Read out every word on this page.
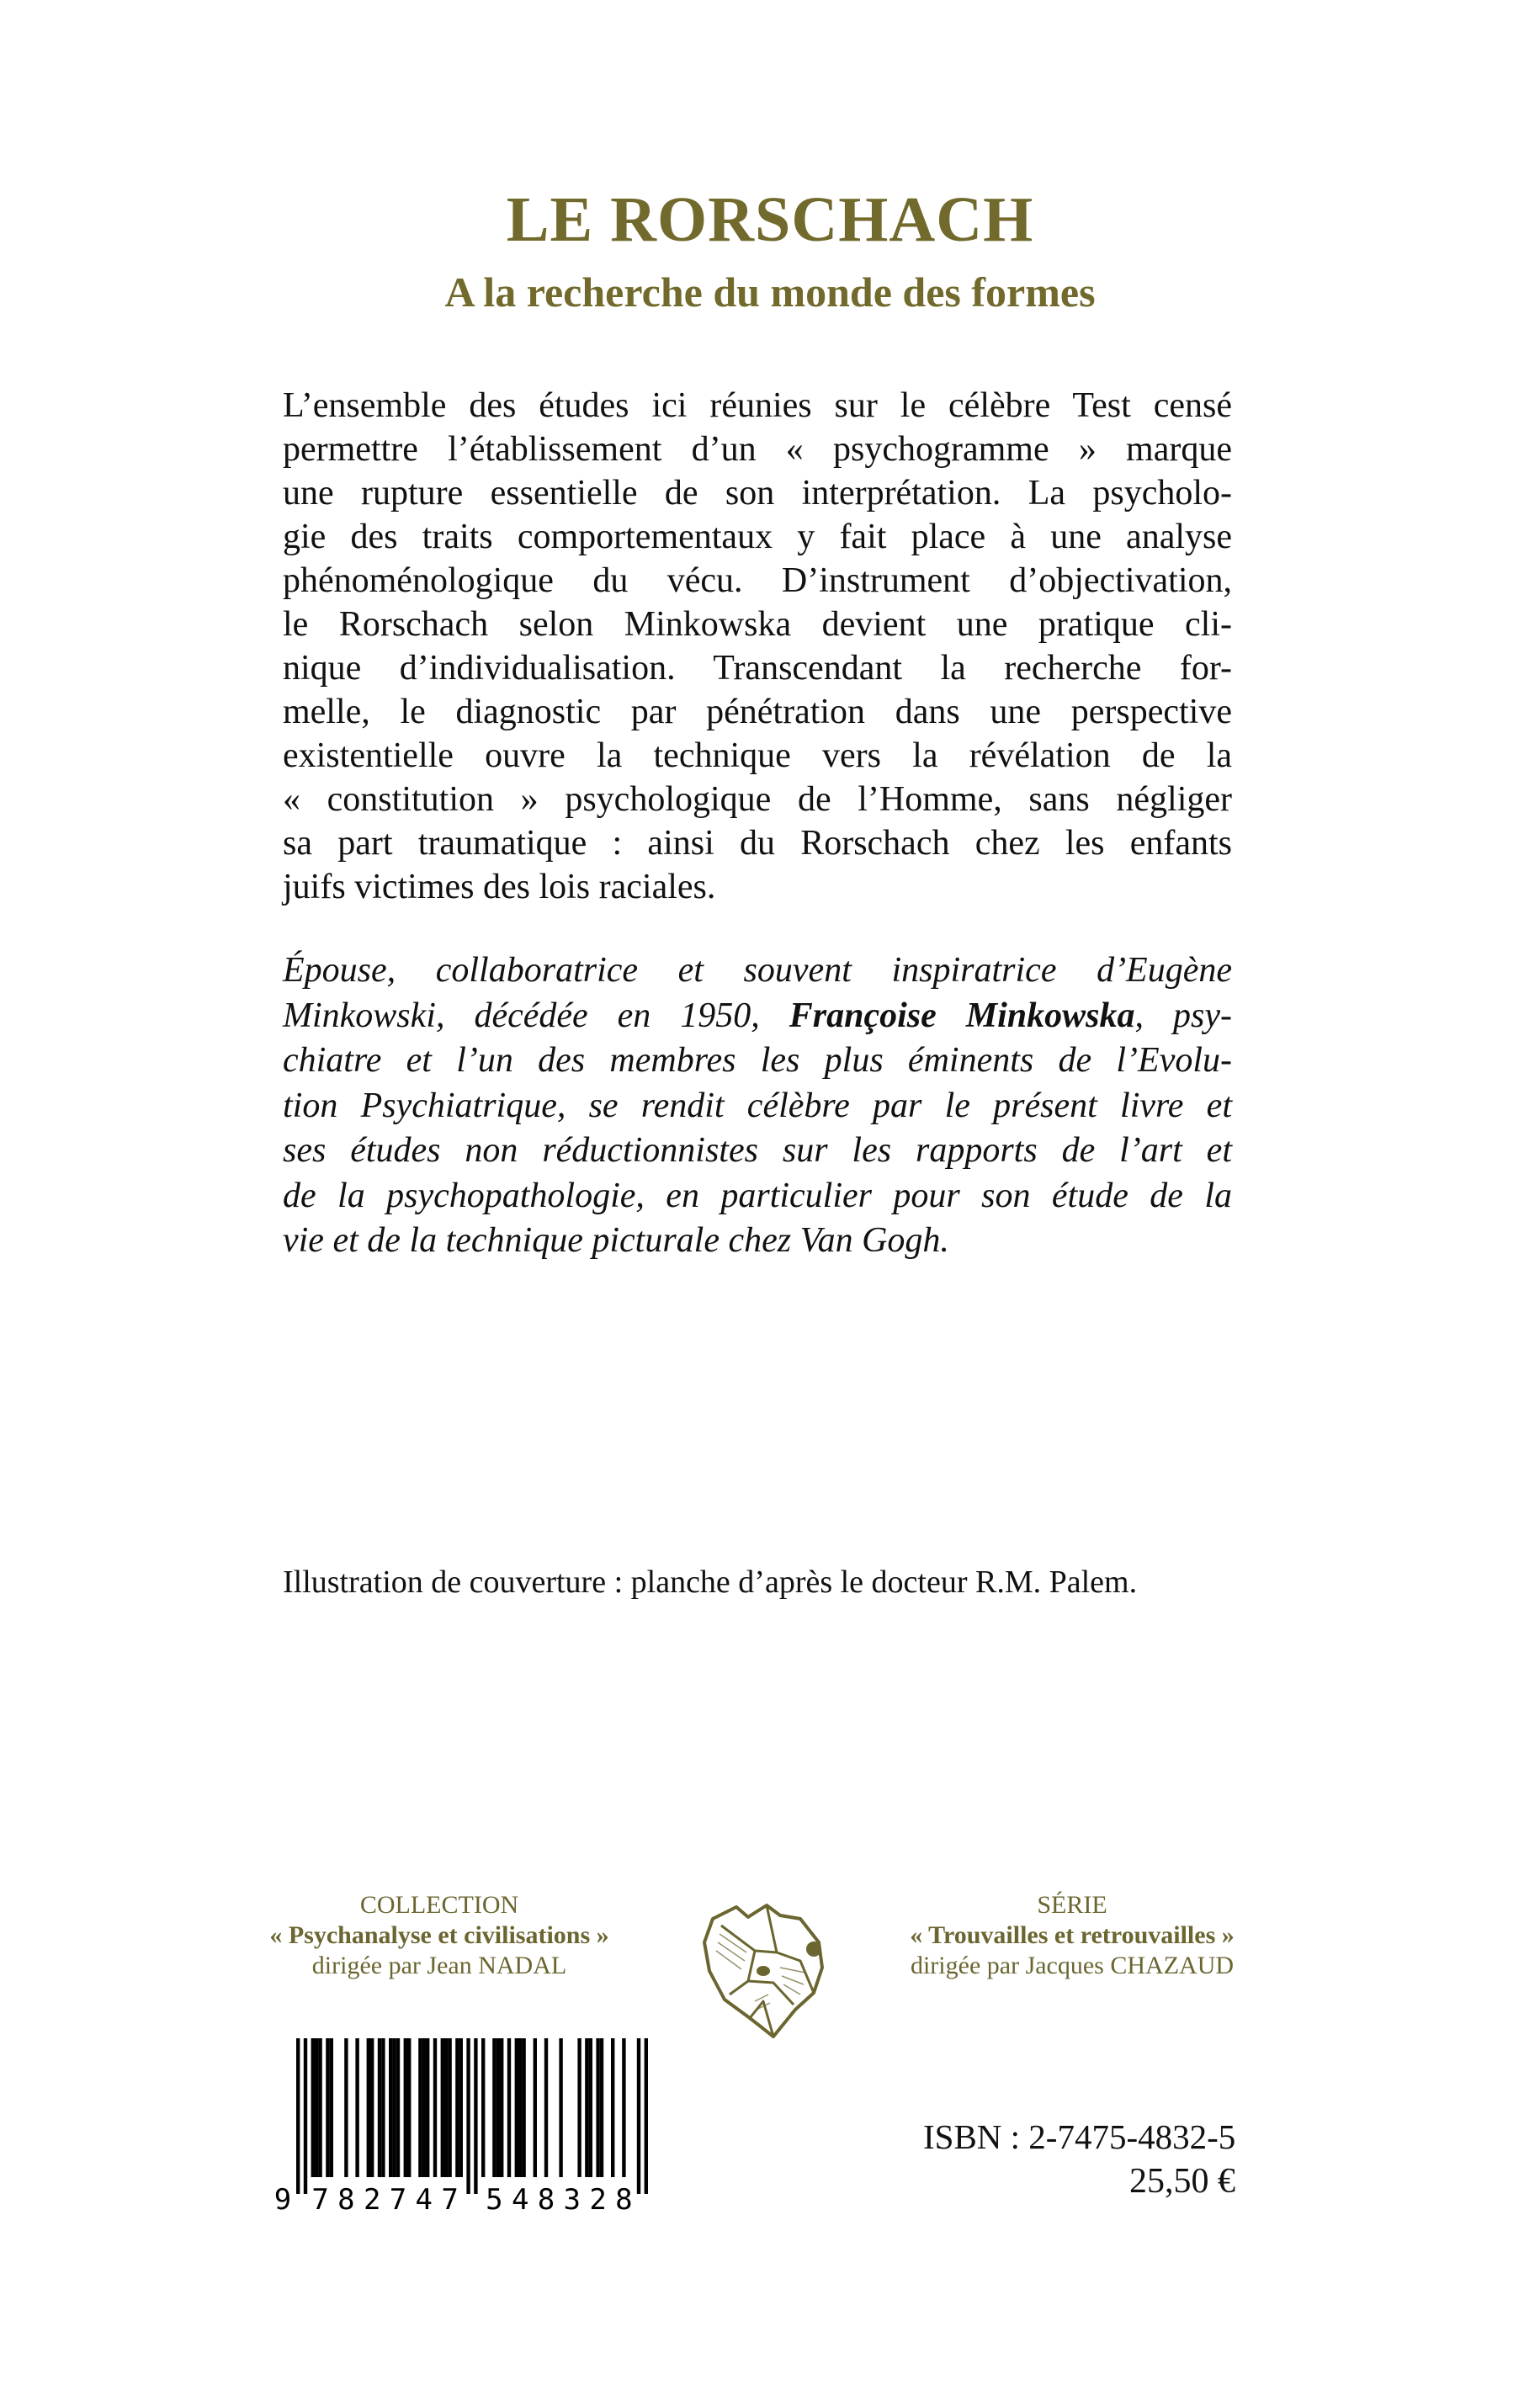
LE RORSCHACH
A la recherche du monde des formes
L’ensemble des études ici réunies sur le célèbre Test censé
permettre l’établissement d’un « psychogramme » marque
une rupture essentielle de son interprétation. La psycholo-
gie des traits comportementaux y fait place à une analyse
phénoménologique du vécu. D’instrument d’objectivation,
le Rorschach selon Minkowska devient une pratique cli-
nique d’individualisation. Transcendant la recherche for-
melle, le diagnostic par pénétration dans une perspective
existentielle ouvre la technique vers la révélation de la
« constitution » psychologique de l’Homme, sans négliger
sa part traumatique : ainsi du Rorschach chez les enfants
juifs victimes des lois raciales.
Épouse, collaboratrice et souvent inspiratrice d’Eugène
Minkowski, décédée en 1950, Françoise Minkowska, psy-
chiatre et l’un des membres les plus éminents de l’Evolu-
tion Psychiatrique, se rendit célèbre par le présent livre et
ses études non réductionnistes sur les rapports de l’art et
de la psychopathologie, en particulier pour son étude de la
vie et de la technique picturale chez Van Gogh.
Illustration de couverture : planche d’après le docteur R.M. Palem.
COLLECTION
« Psychanalyse et civilisations »
dirigée par Jean NADAL
SÉRIE
« Trouvailles et retrouvailles »
dirigée par Jacques CHAZAUD
9 7 8 2 7 4 7 5 4 8 3 2 8
ISBN : 2-7475-4832-5
25,50 €
